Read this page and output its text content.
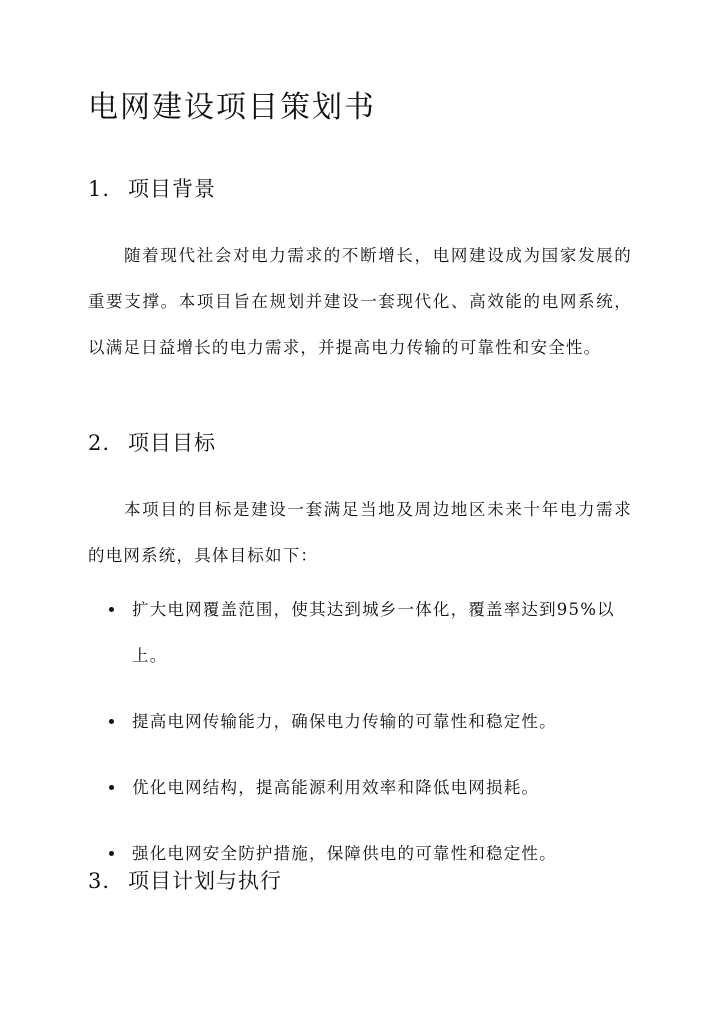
电网建设项目策划书
1. 项目背景

随着现代社会对电力需求的不断增长，电网建设成为国家发展的重要支撑。本项目旨在规划并建设一套现代化、高效能的电网系统，以满足日益增长的电力需求，并提高电力传输的可靠性和安全性。

2. 项目目标

本项目的目标是建设一套满足当地及周边地区未来十年电力需求的电网系统，具体目标如下：

扩大电网覆盖范围，使其达到城乡一体化，覆盖率达到95%以上。
提高电网传输能力，确保电力传输的可靠性和稳定性。
优化电网结构，提高能源利用效率和降低电网损耗。
强化电网安全防护措施，保障供电的可靠性和稳定性。
3. 项目计划与执行
